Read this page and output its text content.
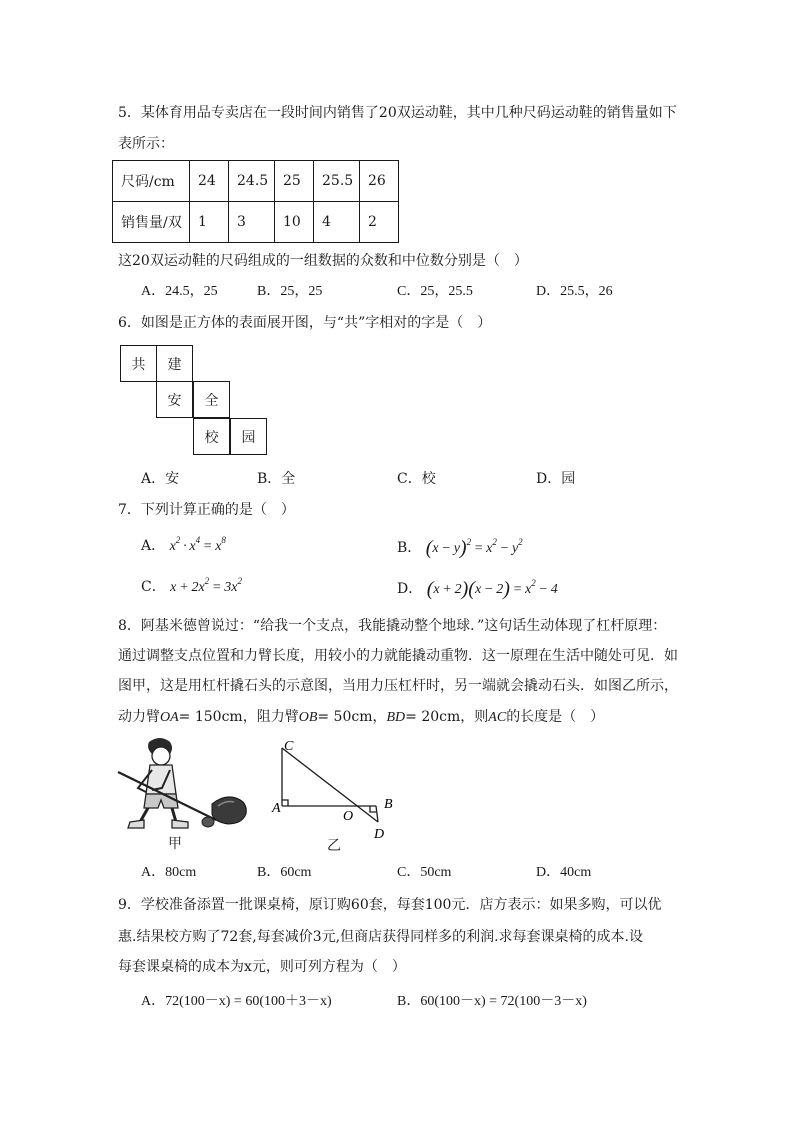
5．某体育用品专卖店在一段时间内销售了20双运动鞋，其中几种尺码运动鞋的销售量如下
表所示：
尺码/cm	24	24.5	25	25.5	26
销售量/双	1	3	10	4	2
这20双运动鞋的尺码组成的一组数据的众数和中位数分别是（　）
A．24.5，25	B．25，25	C．25，25.5	D．25.5，26
6．如图是正方体的表面展开图，与“共”字相对的字是（　）
共	建
安	全
校	园
A．安	B．全	C．校	D．园
7．下列计算正确的是（　）
A． $x^2 \cdot x^4 = x^8$	B． $(x - y)^2 = x^2 - y^2$
C． $x + 2x^2 = 3x^2$	D． $(x + 2)(x - 2) = x^2 - 4$
8．阿基米德曾说过：“给我一个支点，我能撬动整个地球．”这句话生动体现了杠杆原理：
通过调整支点位置和力臂长度，用较小的力就能撬动重物．这一原理在生活中随处可见．如
图甲，这是用杠杆撬石头的示意图，当用力压杠杆时，另一端就会撬动石头．如图乙所示，
动力臂OA= 150cm，阻力臂OB= 50cm，BD= 20cm，则AC的长度是（　）
甲
C
A
O
B
D
乙
A．80cm	B．60cm	C．50cm	D．40cm
9．学校准备添置一批课桌椅，原订购60套，每套100元．店方表示：如果多购，可以优
惠.结果校方购了72套,每套减价3元,但商店获得同样多的利润.求每套课桌椅的成本.设
每套课桌椅的成本为x元，则可列方程为（　）
A．72(100－x) = 60(100＋3－x)	B．60(100－x) = 72(100－3－x)
